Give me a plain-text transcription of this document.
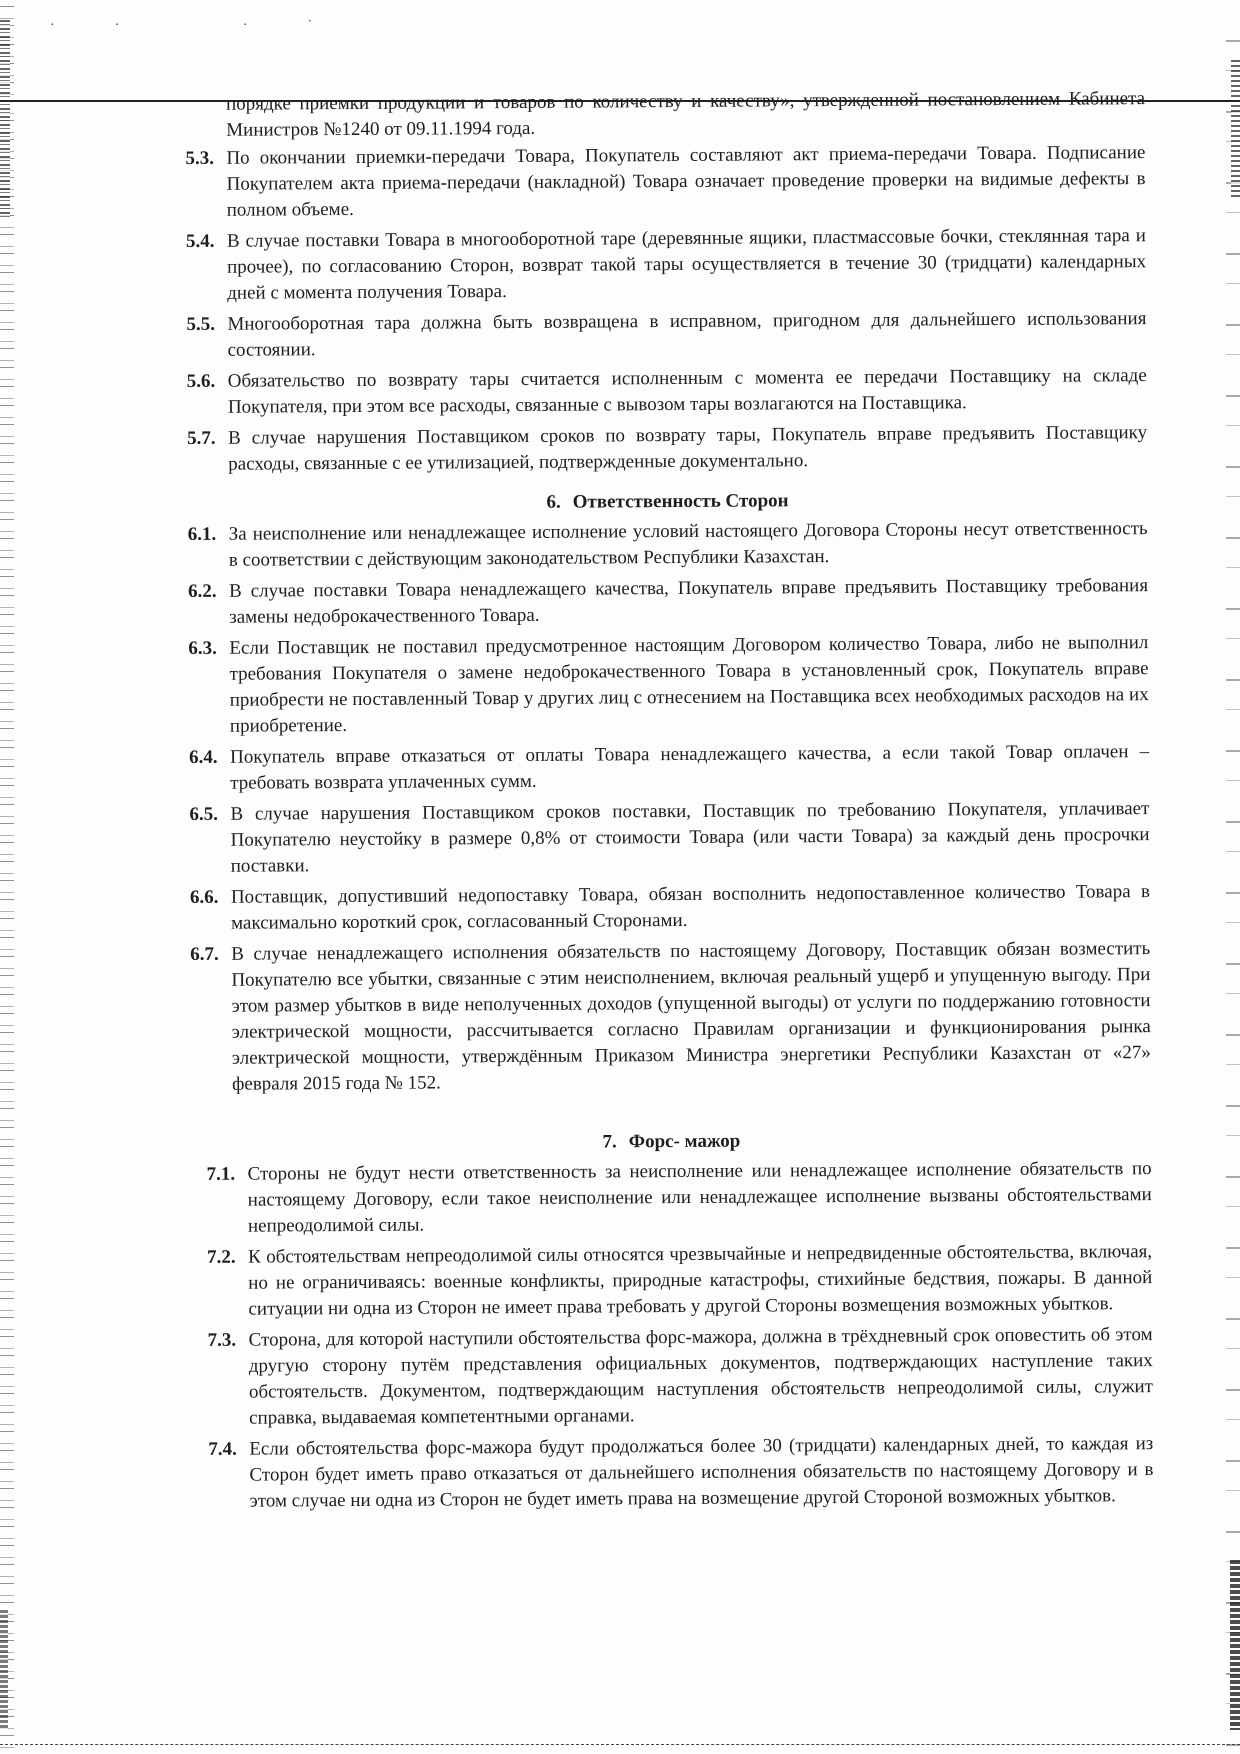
·· ·˙

порядке приемки продукции и товаров по количеству и качеству», утвержденной постановлением Кабинета Министров №1240 от 09.11.1994 года.

5.3. По окончании приемки-передачи Товара, Покупатель составляют акт приема-передачи Товара. Подписание Покупателем акта приема-передачи (накладной) Товара означает проведение проверки на видимые дефекты в полном объеме.
5.4. В случае поставки Товара в многооборотной таре (деревянные ящики, пластмассовые бочки, стеклянная тара и прочее), по согласованию Сторон, возврат такой тары осуществляется в течение 30 (тридцати) календарных дней с момента получения Товара.
5.5. Многооборотная тара должна быть возвращена в исправном, пригодном для дальнейшего использования состоянии.
5.6. Обязательство по возврату тары считается исполненным с момента ее передачи Поставщику на складе Покупателя, при этом все расходы, связанные с вывозом тары возлагаются на Поставщика.
5.7. В случае нарушения Поставщиком сроков по возврату тары, Покупатель вправе предъявить Поставщику расходы, связанные с ее утилизацией, подтвержденные документально.
6. Ответственность Сторон
6.1. За неисполнение или ненадлежащее исполнение условий настоящего Договора Стороны несут ответственность в соответствии с действующим законодательством Республики Казахстан.
6.2. В случае поставки Товара ненадлежащего качества, Покупатель вправе предъявить Поставщику требования замены недоброкачественного Товара.
6.3. Если Поставщик не поставил предусмотренное настоящим Договором количество Товара, либо не выполнил требования Покупателя о замене недоброкачественного Товара в установленный срок, Покупатель вправе приобрести не поставленный Товар у других лиц с отнесением на Поставщика всех необходимых расходов на их приобретение.
6.4. Покупатель вправе отказаться от оплаты Товара ненадлежащего качества, а если такой Товар оплачен – требовать возврата уплаченных сумм.
6.5. В случае нарушения Поставщиком сроков поставки, Поставщик по требованию Покупателя, уплачивает Покупателю неустойку в размере 0,8% от стоимости Товара (или части Товара) за каждый день просрочки поставки.
6.6. Поставщик, допустивший недопоставку Товара, обязан восполнить недопоставленное количество Товара в максимально короткий срок, согласованный Сторонами.
6.7. В случае ненадлежащего исполнения обязательств по настоящему Договору, Поставщик обязан возместить Покупателю все убытки, связанные с этим неисполнением, включая реальный ущерб и упущенную выгоду. При этом размер убытков в виде неполученных доходов (упущенной выгоды) от услуги по поддержанию готовности электрической мощности, рассчитывается согласно Правилам организации и функционирования рынка электрической мощности, утверждённым Приказом Министра энергетики Республики Казахстан от «27» февраля 2015 года № 152.
7. Форс- мажор
7.1. Стороны не будут нести ответственность за неисполнение или ненадлежащее исполнение обязательств по настоящему Договору, если такое неисполнение или ненадлежащее исполнение вызваны обстоятельствами непреодолимой силы.
7.2. К обстоятельствам непреодолимой силы относятся чрезвычайные и непредвиденные обстоятельства, включая, но не ограничиваясь: военные конфликты, природные катастрофы, стихийные бедствия, пожары. В данной ситуации ни одна из Сторон не имеет права требовать у другой Стороны возмещения возможных убытков.
7.3. Сторона, для которой наступили обстоятельства форс-мажора, должна в трёхдневный срок оповестить об этом другую сторону путём представления официальных документов, подтверждающих наступление таких обстоятельств. Документом, подтверждающим наступления обстоятельств непреодолимой силы, служит справка, выдаваемая компетентными органами.
7.4. Если обстоятельства форс-мажора будут продолжаться более 30 (тридцати) календарных дней, то каждая из Сторон будет иметь право отказаться от дальнейшего исполнения обязательств по настоящему Договору и в этом случае ни одна из Сторон не будет иметь права на возмещение другой Стороной возможных убытков.
